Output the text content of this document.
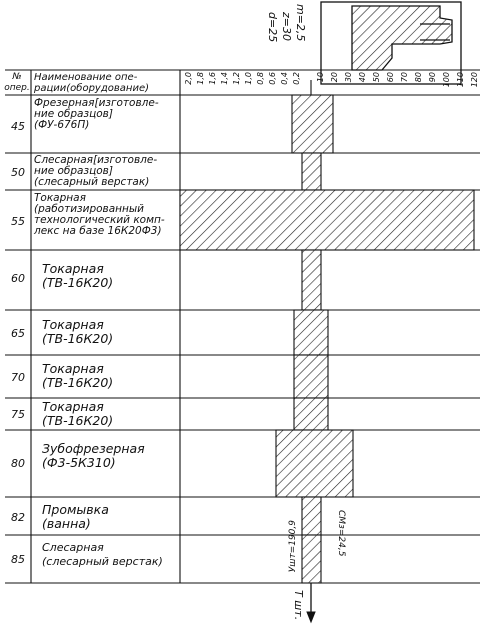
m=2,5
z=30
d=25
№
опер.
Наименование опе-
рации(оборудование)
2,0 1,8 1,6 1,4 1,2 1,0 0,8 0,6 0,4 0,2 10 20 30 40 50 60 70 80 90 100 110 120
45
Фрезерная[изготовле-
ние образцов]
(ФУ-676П)
50
Слесарная[изготовле-
ние образцов]
(слесарный верстак)
55
Токарная
(работизированный
технологический комп-
лекс на базе 16К20Ф3)
60
Токарная
(ТВ-16К20)
65
Токарная
(ТВ-16К20)
70
Токарная
(ТВ-16К20)
75
Токарная
(ТВ-16К20)
80
Зубофрезерная
(Ф3-5К310)
82
Промывка
(ванна)
85
Слесарная
(слесарный верстак)	Ушт=190,9	СМз=24,5
Т шт.
